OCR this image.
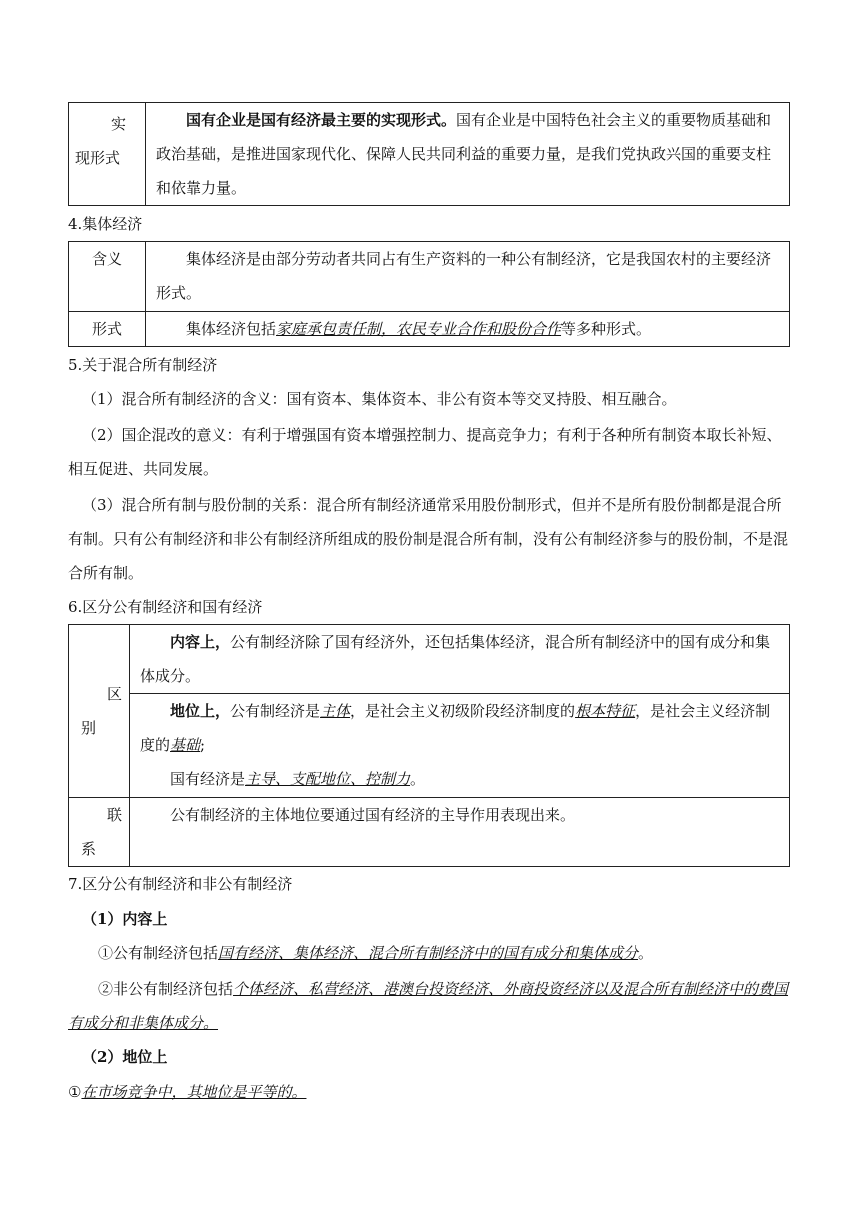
实现形式

国有企业是国有经济最主要的实现形式。国有企业是中国特色社会主义的重要物质基础和政治基础，是推进国家现代化、保障人民共同利益的重要力量，是我们党执政兴国的重要支柱和依靠力量。

4.集体经济

含义	集体经济是由部分劳动者共同占有生产资料的一种公有制经济，它是我国农村的主要经济形式。

形式	集体经济包括家庭承包责任制，农民专业合作和股份合作等多种形式。

5.关于混合所有制经济

（1）混合所有制经济的含义：国有资本、集体资本、非公有资本等交叉持股、相互融合。

（2）国企混改的意义：有利于增强国有资本增强控制力、提高竞争力；有利于各种所有制资本取长补短、相互促进、共同发展。

（3）混合所有制与股份制的关系：混合所有制经济通常采用股份制形式，但并不是所有股份制都是混合所有制。只有公有制经济和非公有制经济所组成的股份制是混合所有制，没有公有制经济参与的股份制，不是混合所有制。

6.区分公有制经济和国有经济

区
别	内容上，公有制经济除了国有经济外，还包括集体经济，混合所有制经济中的国有成分和集体成分。

	地位上，公有制经济是主体，是社会主义初级阶段经济制度的根本特征，是社会主义经济制度的基础;

国有经济是主导、支配地位、控制力。

联
系	公有制经济的主体地位要通过国有经济的主导作用表现出来。

7.区分公有制经济和非公有制经济

（1）内容上

①公有制经济包括国有经济、集体经济、混合所有制经济中的国有成分和集体成分。

②非公有制经济包括个体经济、私营经济、港澳台投资经济、外商投资经济以及混合所有制经济中的费国有成分和非集体成分。

（2）地位上

①在市场竞争中，其地位是平等的。
